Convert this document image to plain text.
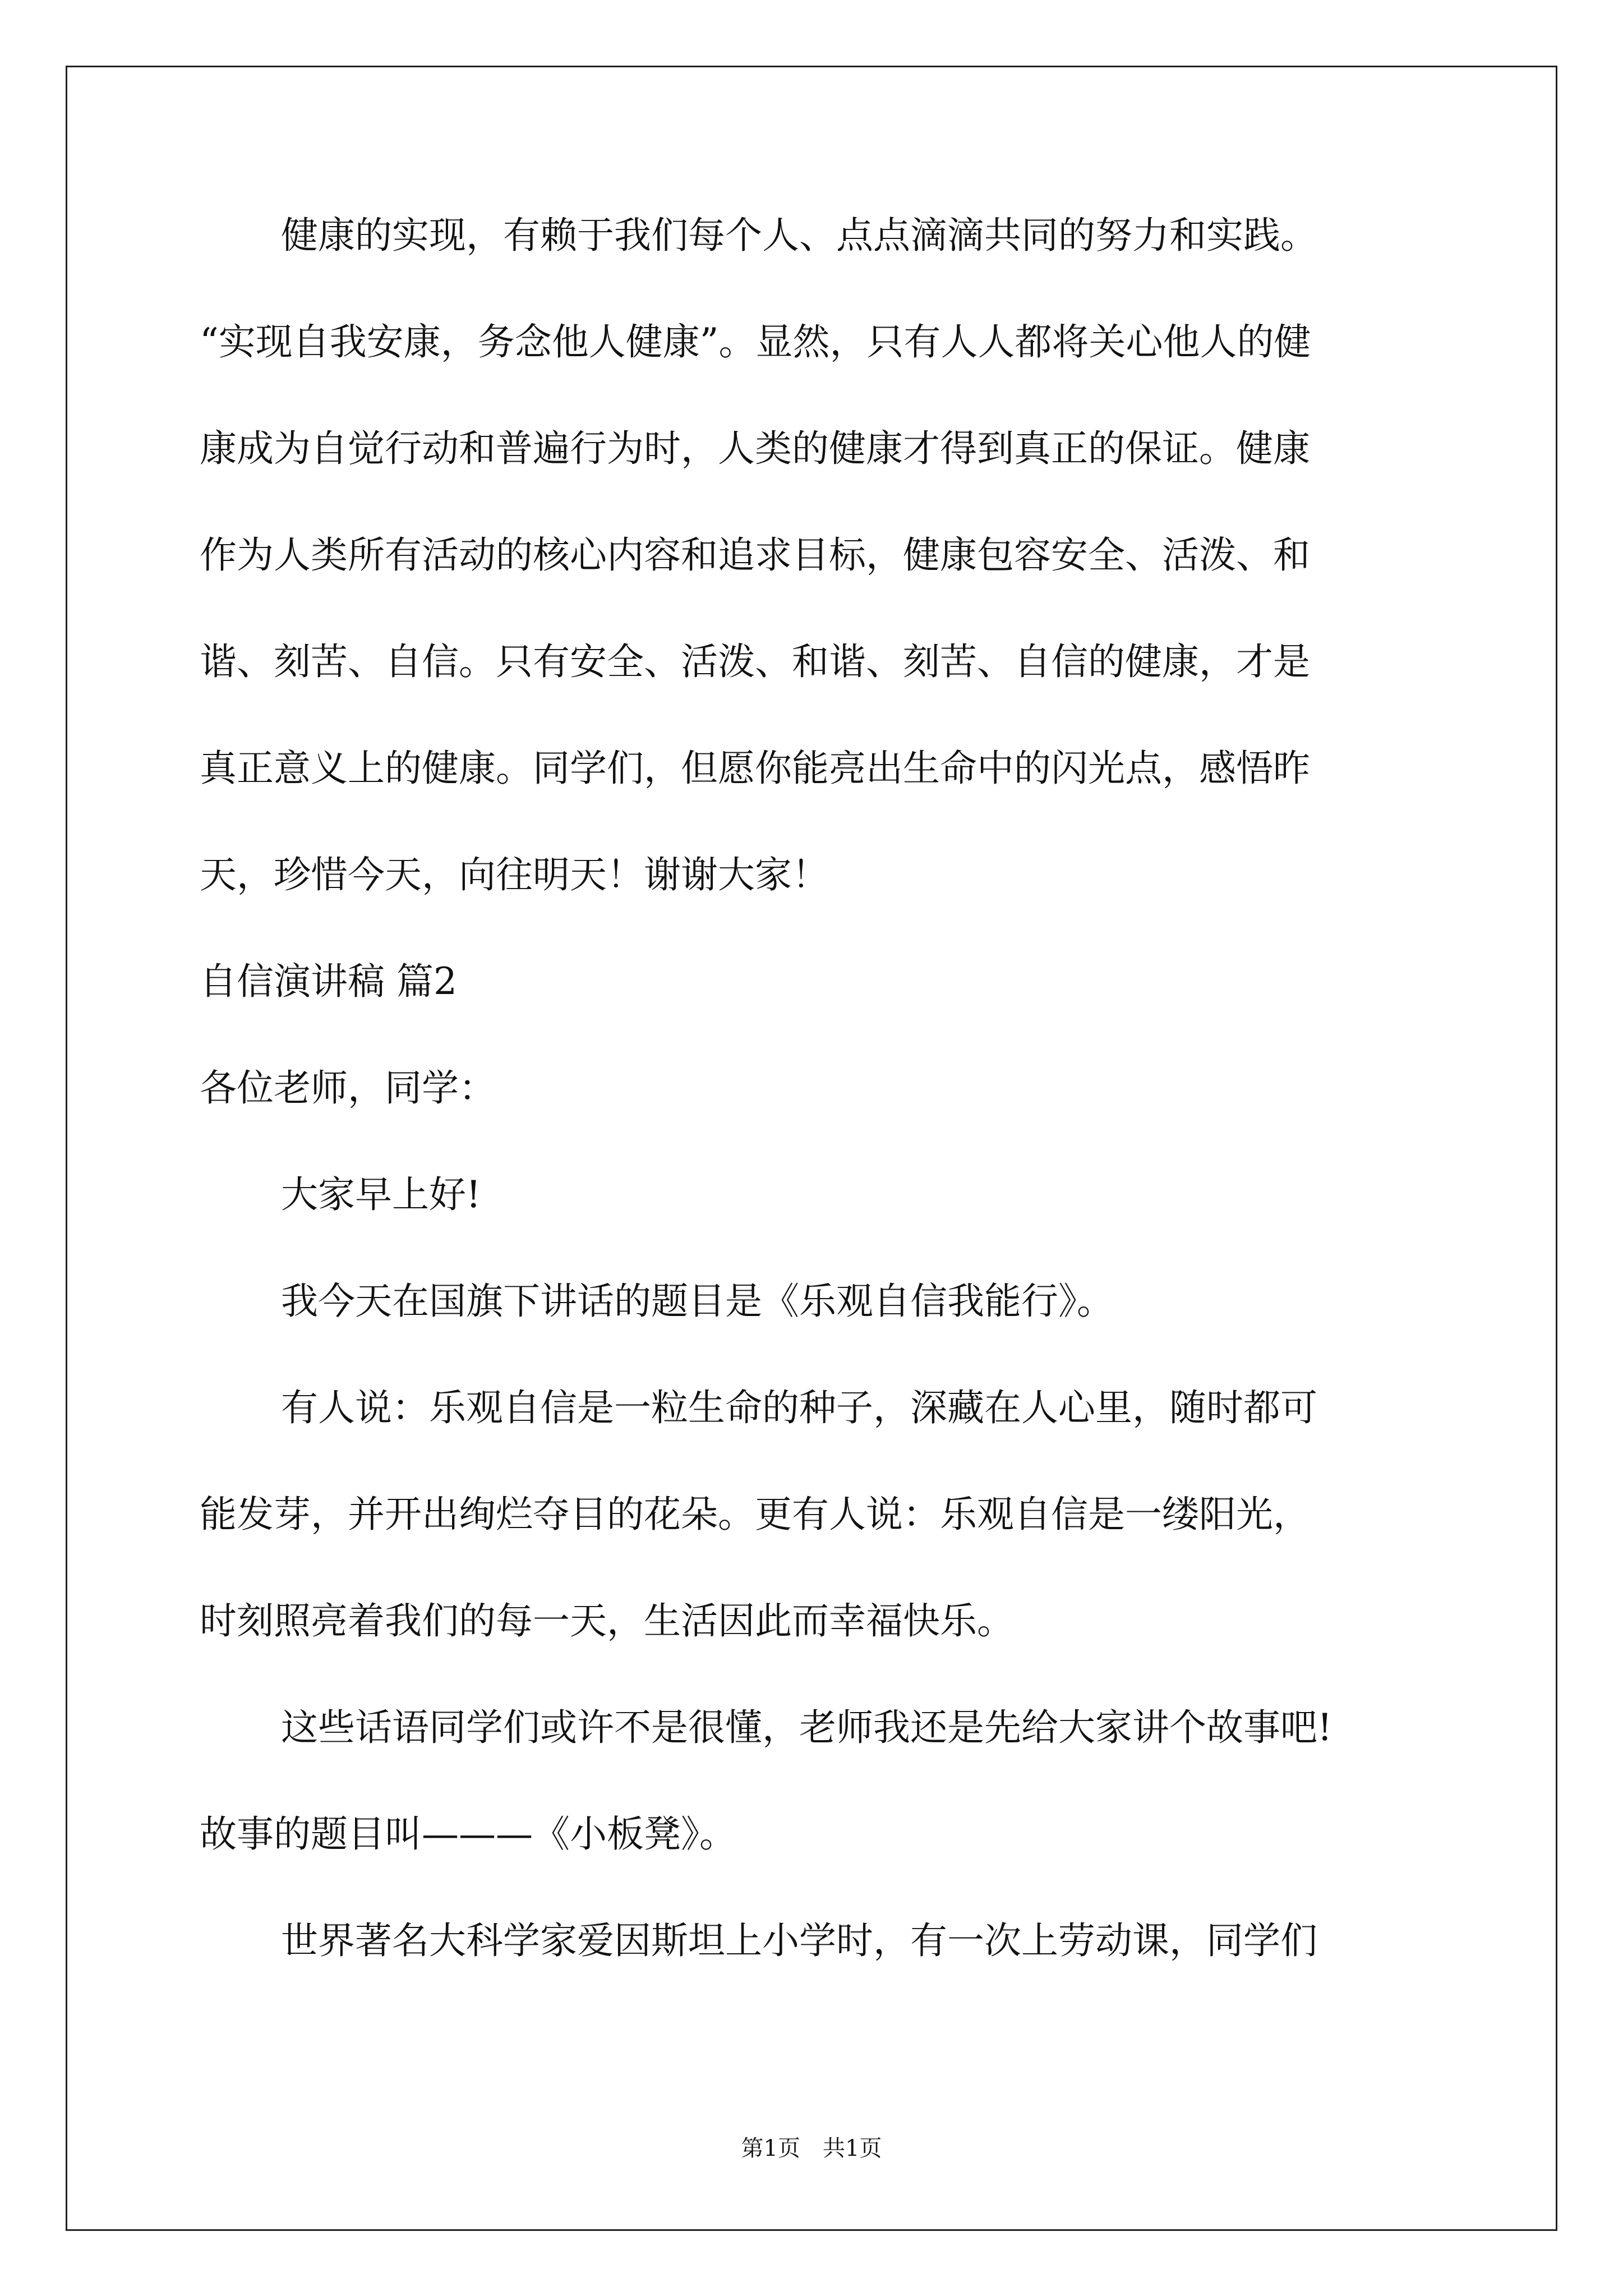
健康的实现，有赖于我们每个人、点点滴滴共同的努力和实践。
“实现自我安康，务念他人健康”。显然，只有人人都将关心他人的健
康成为自觉行动和普遍行为时，人类的健康才得到真正的保证。健康
作为人类所有活动的核心内容和追求目标，健康包容安全、活泼、和
谐、刻苦、自信。只有安全、活泼、和谐、刻苦、自信的健康，才是
真正意义上的健康。同学们，但愿你能亮出生命中的闪光点，感悟昨
天，珍惜今天，向往明天！谢谢大家！
自信演讲稿 篇2
各位老师，同学：
大家早上好!
我今天在国旗下讲话的题目是《乐观自信我能行》。
有人说：乐观自信是一粒生命的种子，深藏在人心里，随时都可
能发芽，并开出绚烂夺目的花朵。更有人说：乐观自信是一缕阳光，
时刻照亮着我们的每一天，生活因此而幸福快乐。
这些话语同学们或许不是很懂，老师我还是先给大家讲个故事吧!
故事的题目叫———《小板凳》。
世界著名大科学家爱因斯坦上小学时，有一次上劳动课，同学们
第1页　共1页
